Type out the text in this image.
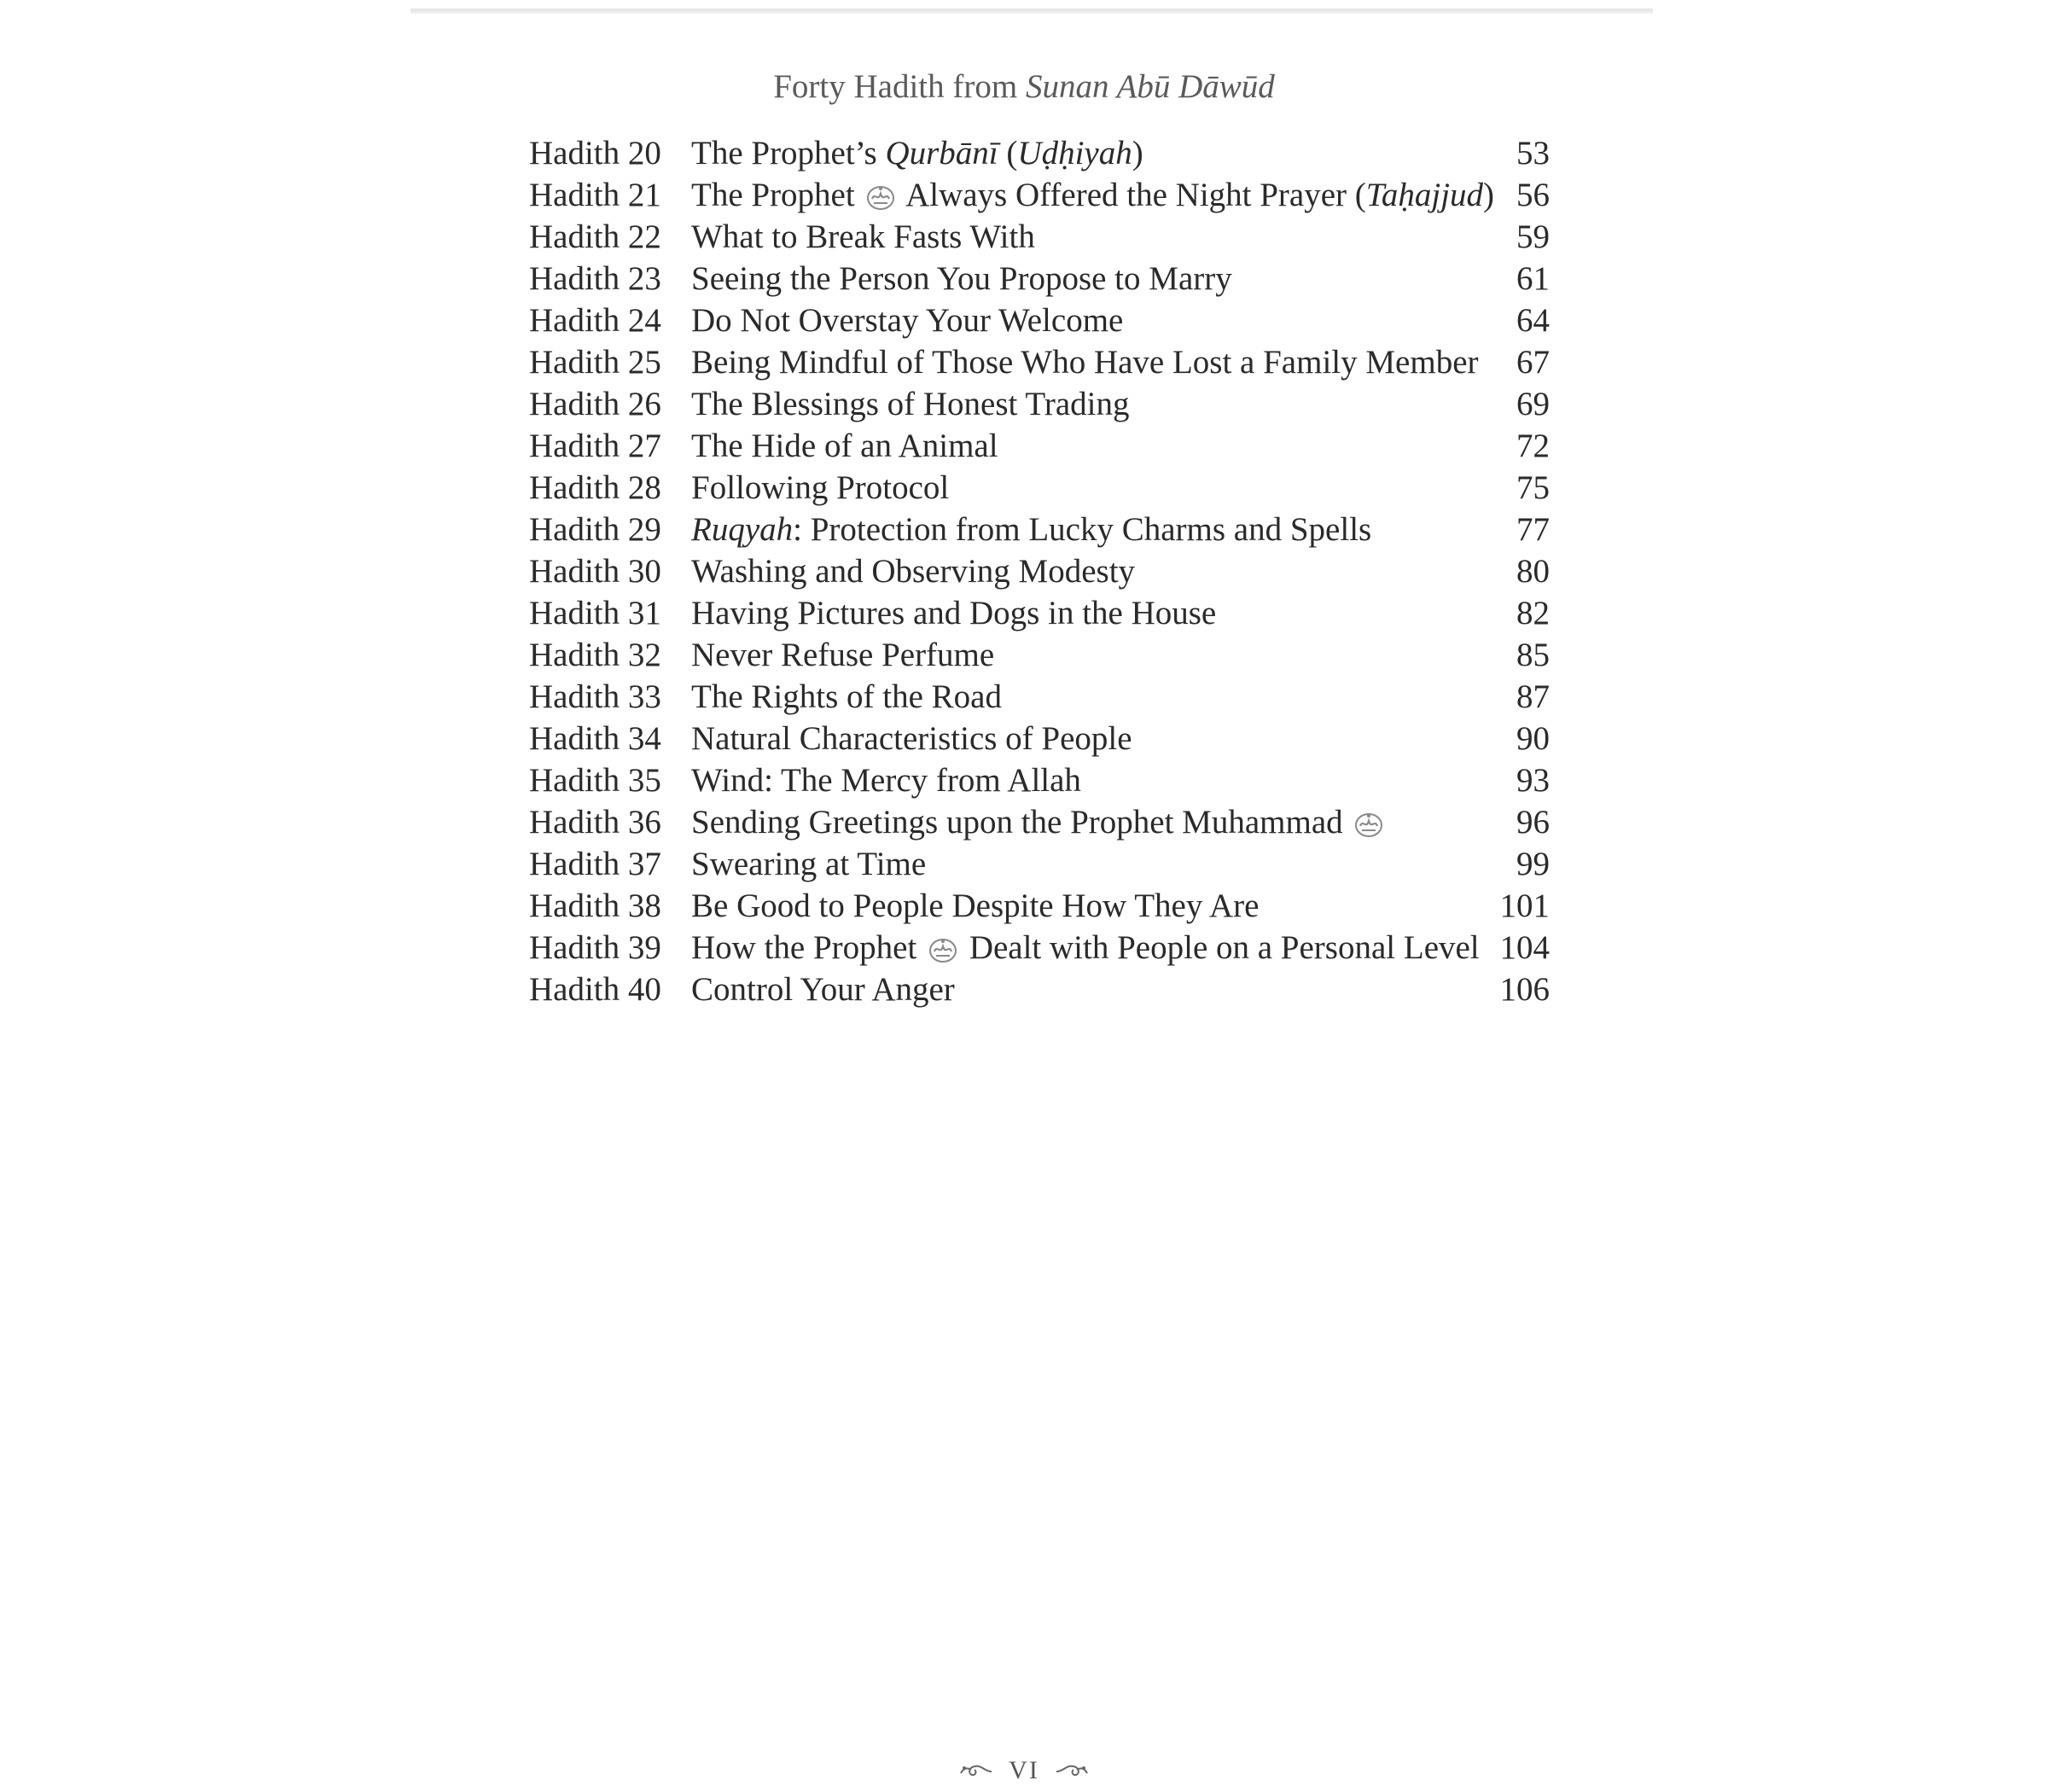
Forty Hadith from Sunan Abū Dāwūd
Hadith 20 The Prophet’s Qurbānī (Uḍḥiyah)	53
Hadith 21 The Prophet  Always Offered the Night Prayer (Taḥajjud) 56
Hadith 22 What to Break Fasts With	59
Hadith 23 Seeing the Person You Propose to Marry	61
Hadith 24 Do Not Overstay Your Welcome	64
Hadith 25 Being Mindful of Those Who Have Lost a Family Member 67
Hadith 26 The Blessings of Honest Trading	69
Hadith 27 The Hide of an Animal	72
Hadith 28 Following Protocol	75
Hadith 29 Ruqyah: Protection from Lucky Charms and Spells	77
Hadith 30 Washing and Observing Modesty	80
Hadith 31 Having Pictures and Dogs in the House	82
Hadith 32 Never Refuse Perfume	85
Hadith 33 The Rights of the Road	87
Hadith 34 Natural Characteristics of People	90
Hadith 35 Wind: The Mercy from Allah	93
Hadith 36 Sending Greetings upon the Prophet Muhammad	96
Hadith 37 Swearing at Time	99
Hadith 38 Be Good to People Despite How They Are	101
Hadith 39 How the Prophet  Dealt with People on a Personal Level 104
Hadith 40 Control Your Anger	106
VI
